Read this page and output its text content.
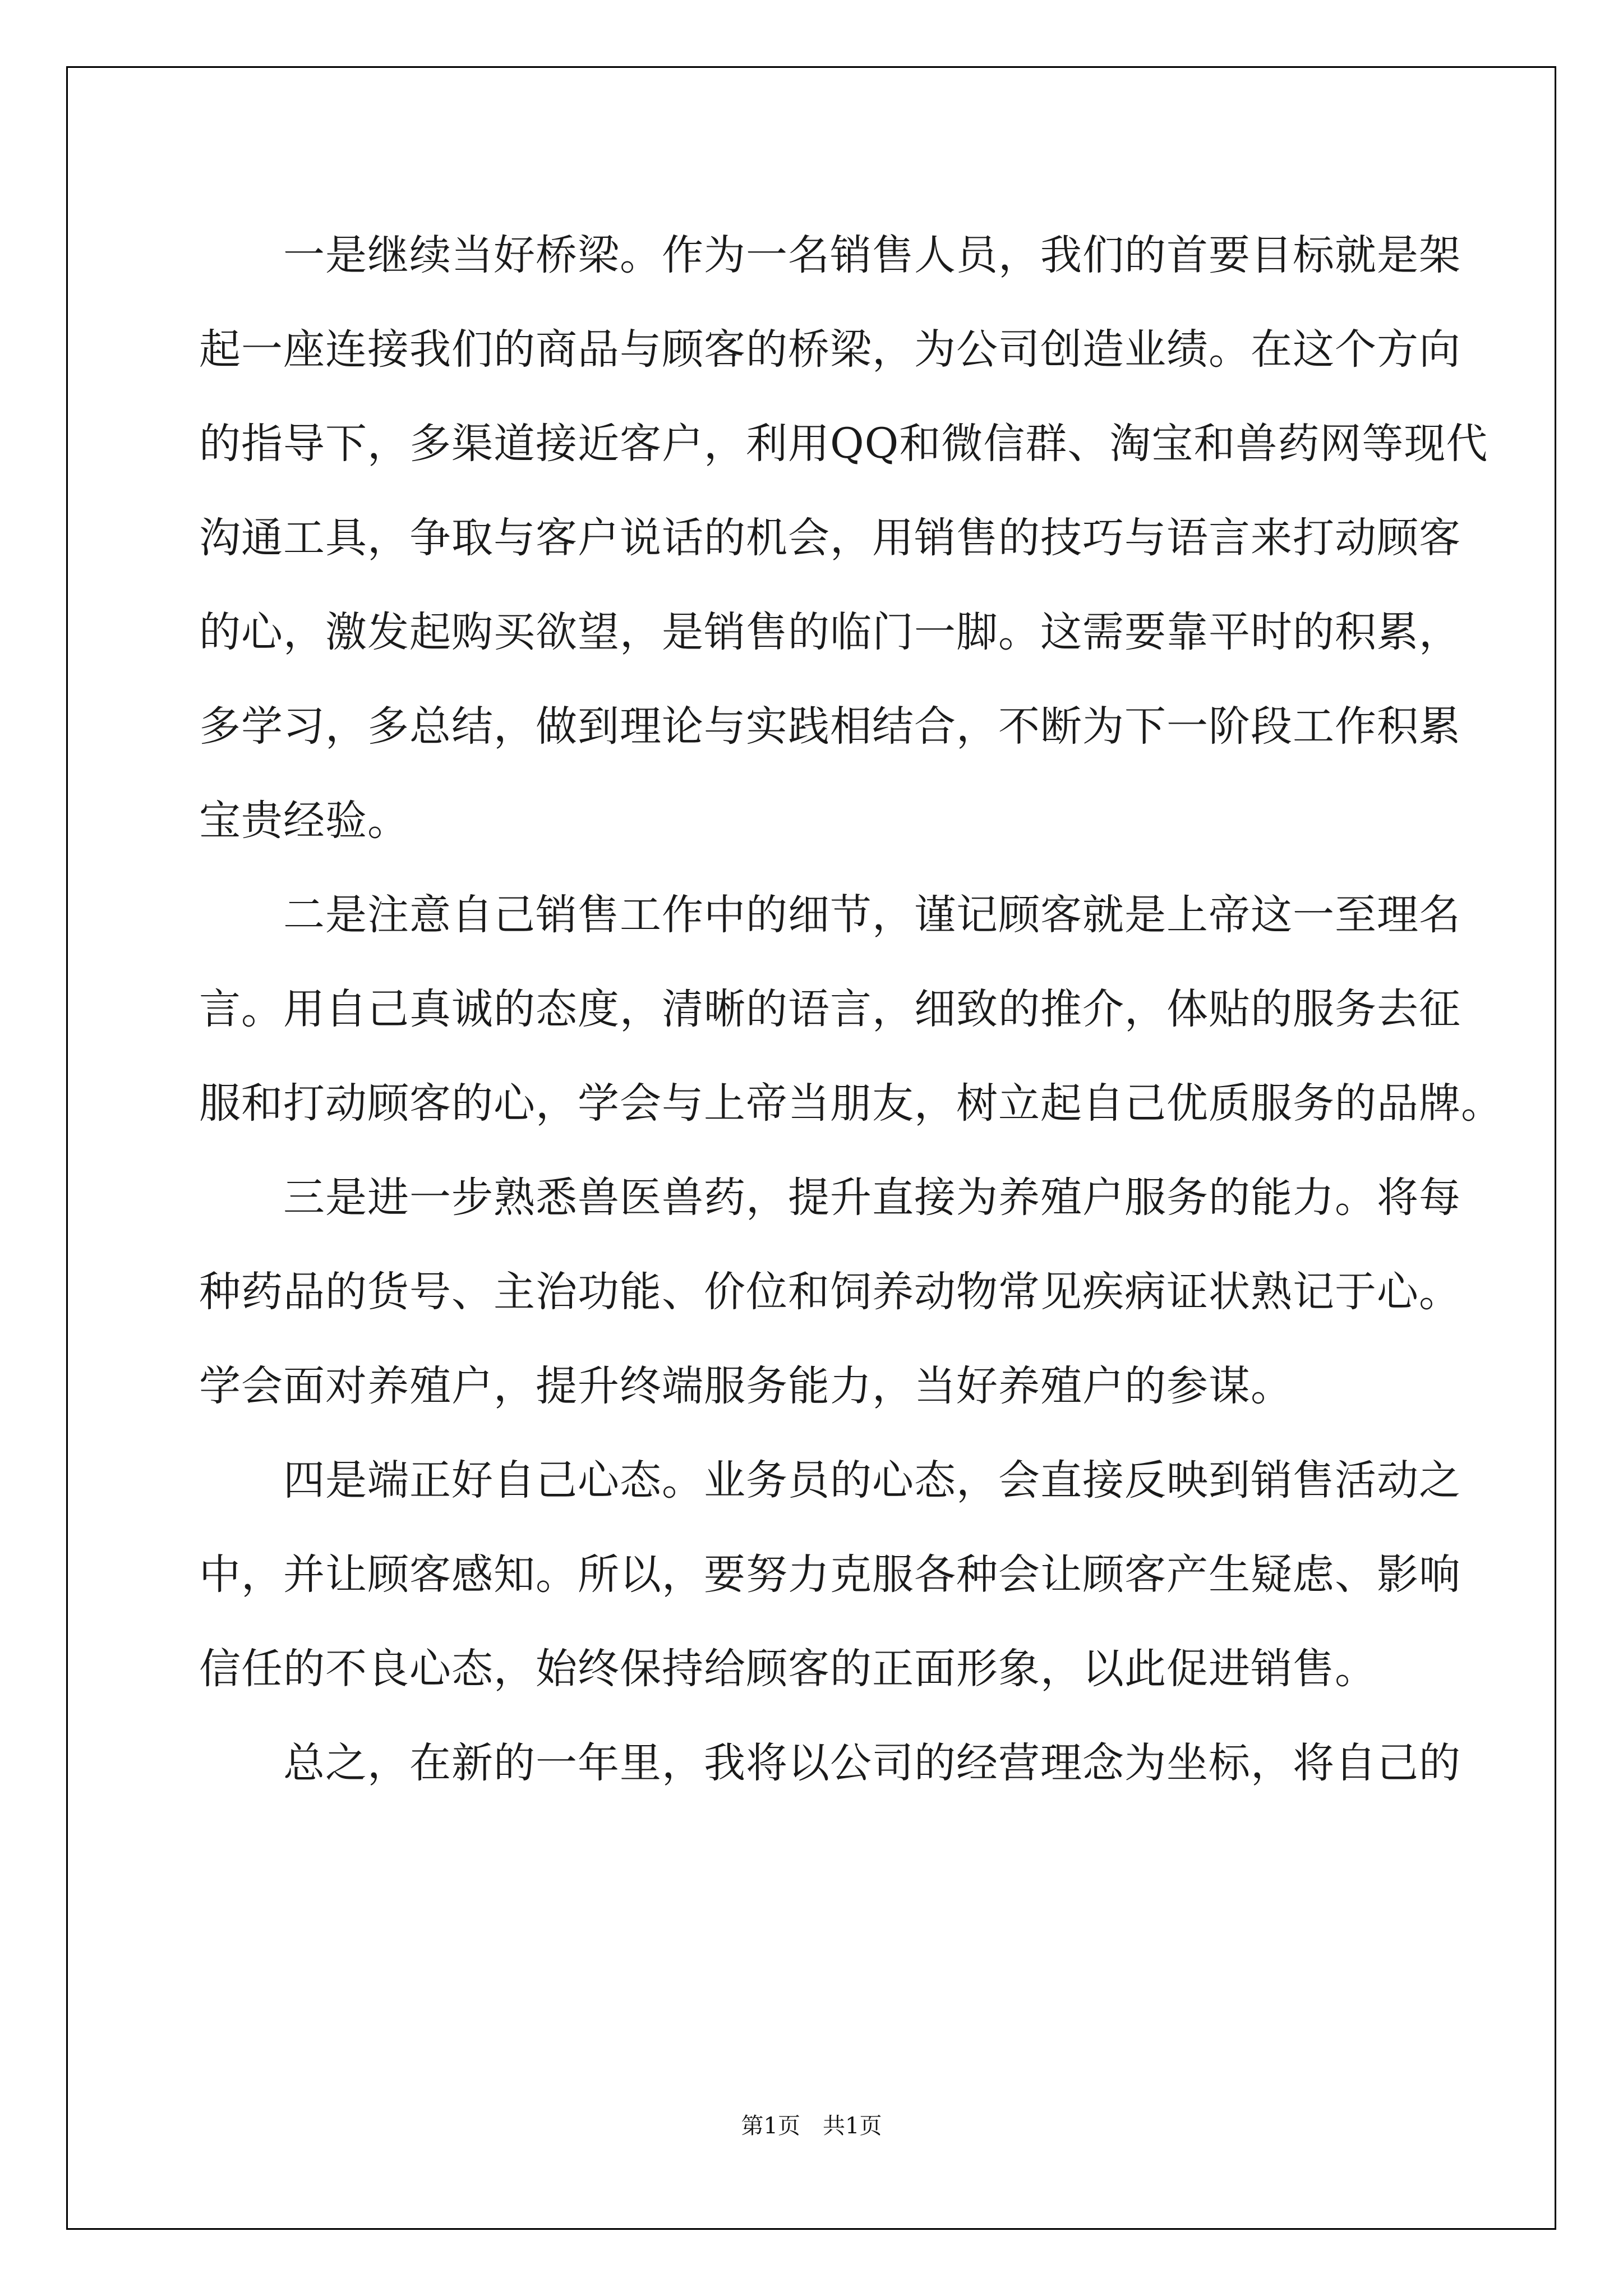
一是继续当好桥梁。作为一名销售人员，我们的首要目标就是架
起一座连接我们的商品与顾客的桥梁，为公司创造业绩。在这个方向
的指导下，多渠道接近客户，利用QQ和微信群、淘宝和兽药网等现代
沟通工具，争取与客户说话的机会，用销售的技巧与语言来打动顾客
的心，激发起购买欲望，是销售的临门一脚。这需要靠平时的积累，
多学习，多总结，做到理论与实践相结合，不断为下一阶段工作积累
宝贵经验。
二是注意自己销售工作中的细节，谨记顾客就是上帝这一至理名
言。用自己真诚的态度，清晰的语言，细致的推介，体贴的服务去征
服和打动顾客的心，学会与上帝当朋友，树立起自己优质服务的品牌。
三是进一步熟悉兽医兽药，提升直接为养殖户服务的能力。将每
种药品的货号、主治功能、价位和饲养动物常见疾病证状熟记于心。
学会面对养殖户，提升终端服务能力，当好养殖户的参谋。
四是端正好自己心态。业务员的心态，会直接反映到销售活动之
中，并让顾客感知。所以，要努力克服各种会让顾客产生疑虑、影响
信任的不良心态，始终保持给顾客的正面形象，以此促进销售。
总之，在新的一年里，我将以公司的经营理念为坐标，将自己的
第1页　共1页
